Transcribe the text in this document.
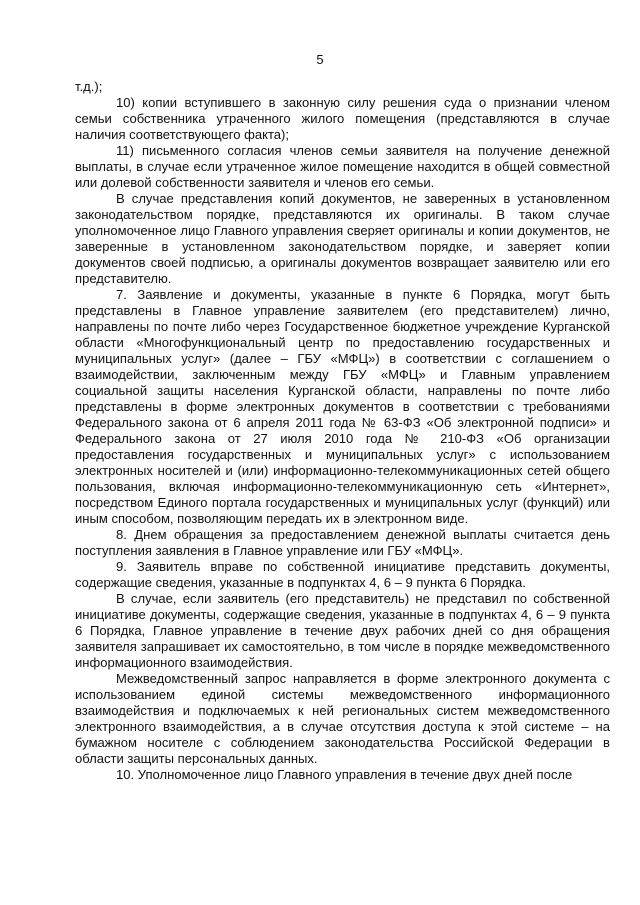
5

т.д.);

10) копии вступившего в законную силу решения суда о признании членом семьи собственника утраченного жилого помещения (представляются в случае наличия соответствующего факта);

11) письменного согласия членов семьи заявителя на получение денежной выплаты, в случае если утраченное жилое помещение находится в общей совместной или долевой собственности заявителя и членов его семьи.

В случае представления копий документов, не заверенных в установленном законодательством порядке, представляются их оригиналы. В таком случае уполномоченное лицо Главного управления сверяет оригиналы и копии документов, не заверенные в установленном законодательством порядке, и заверяет копии документов своей подписью, а оригиналы документов возвращает заявителю или его представителю.

7. Заявление и документы, указанные в пункте 6 Порядка, могут быть представлены в Главное управление заявителем (его представителем) лично, направлены по почте либо через Государственное бюджетное учреждение Курганской области «Многофункциональный центр по предоставлению государственных и муниципальных услуг» (далее – ГБУ «МФЦ») в соответствии с соглашением о взаимодействии, заключенным между ГБУ «МФЦ» и Главным управлением социальной защиты населения Курганской области, направлены по почте либо представлены в форме электронных документов в соответствии с требованиями Федерального закона от 6 апреля 2011 года № 63-ФЗ «Об электронной подписи» и Федерального закона от 27 июля 2010 года № 210-ФЗ «Об организации предоставления государственных и муниципальных услуг» с использованием электронных носителей и (или) информационно-телекоммуникационных сетей общего пользования, включая информационно-телекоммуникационную сеть «Интернет», посредством Единого портала государственных и муниципальных услуг (функций) или иным способом, позволяющим передать их в электронном виде.

8. Днем обращения за предоставлением денежной выплаты считается день поступления заявления в Главное управление или ГБУ «МФЦ».

9. Заявитель вправе по собственной инициативе представить документы, содержащие сведения, указанные в подпунктах 4, 6 – 9 пункта 6 Порядка.

В случае, если заявитель (его представитель) не представил по собственной инициативе документы, содержащие сведения, указанные в подпунктах 4, 6 – 9 пункта 6 Порядка, Главное управление в течение двух рабочих дней со дня обращения заявителя запрашивает их самостоятельно, в том числе в порядке межведомственного информационного взаимодействия.

Межведомственный запрос направляется в форме электронного документа с использованием единой системы межведомственного информационного взаимодействия и подключаемых к ней региональных систем межведомственного электронного взаимодействия, а в случае отсутствия доступа к этой системе – на бумажном носителе с соблюдением законодательства Российской Федерации в области защиты персональных данных.

10. Уполномоченное лицо Главного управления в течение двух дней после
